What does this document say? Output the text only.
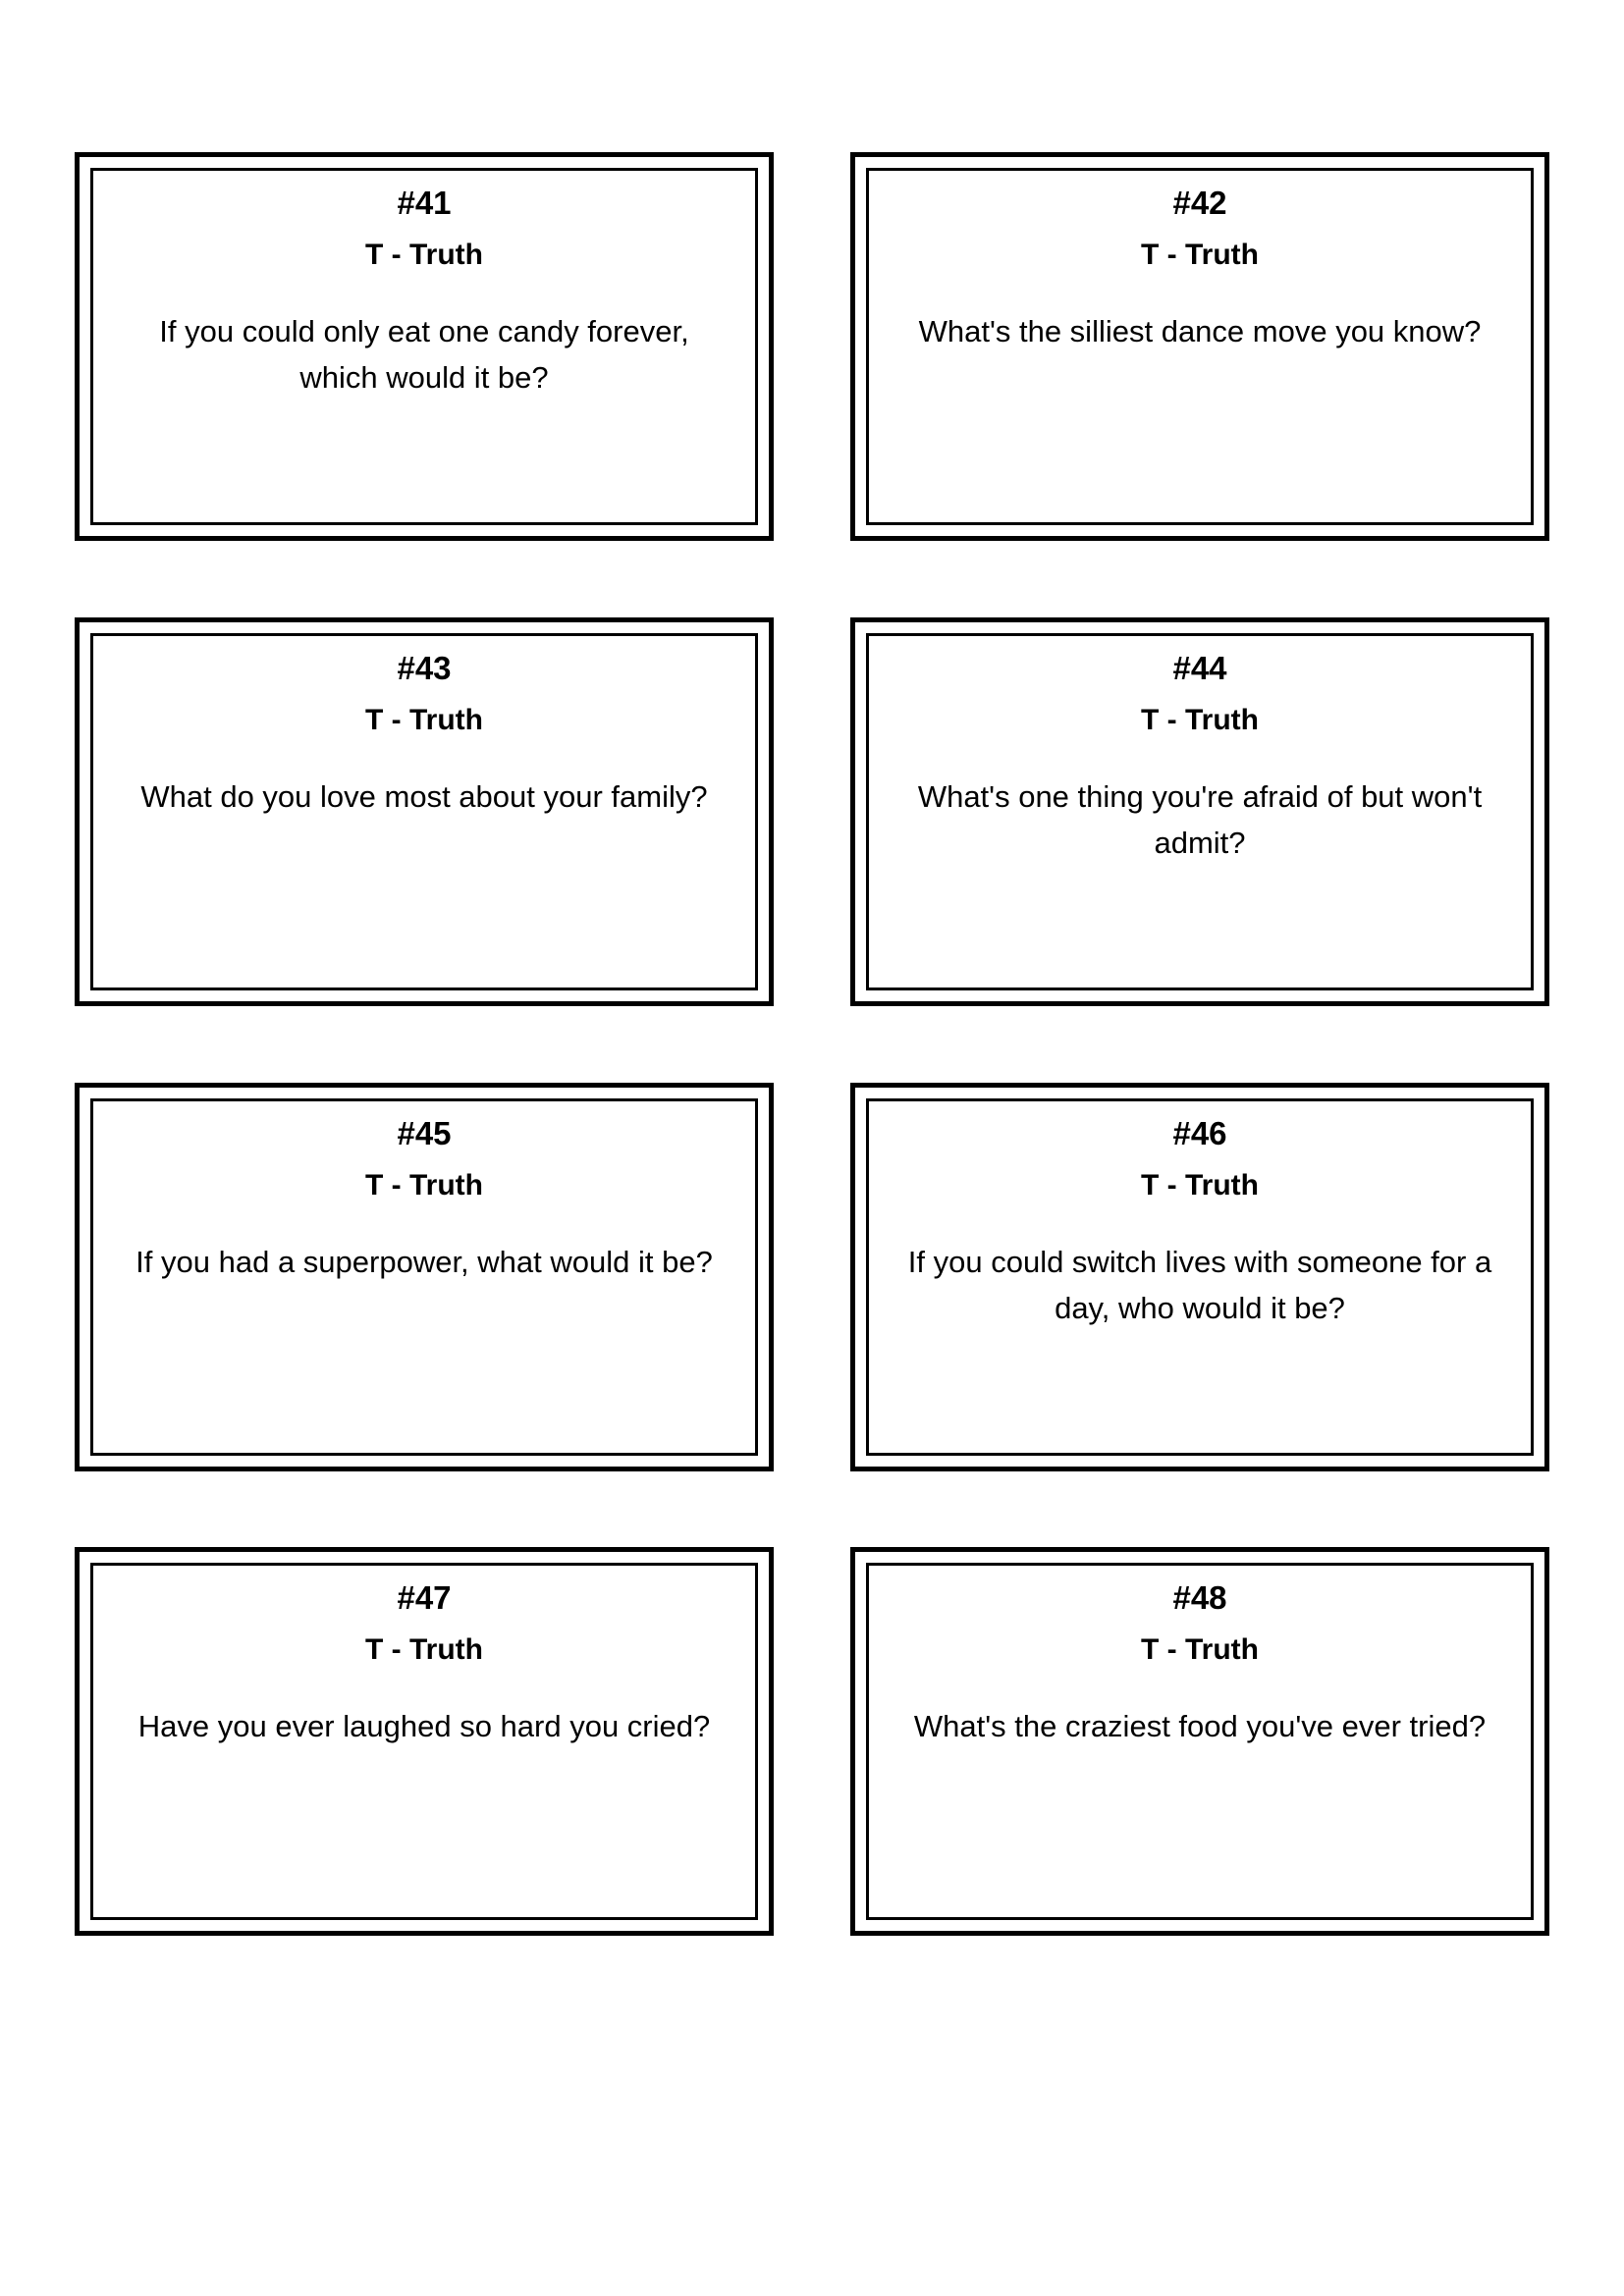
#41
T - Truth
If you could only eat one candy forever, which would it be?
#42
T - Truth
What's the silliest dance move you know?
#43
T - Truth
What do you love most about your family?
#44
T - Truth
What's one thing you're afraid of but won't admit?
#45
T - Truth
If you had a superpower, what would it be?
#46
T - Truth
If you could switch lives with someone for a day, who would it be?
#47
T - Truth
Have you ever laughed so hard you cried?
#48
T - Truth
What's the craziest food you've ever tried?
